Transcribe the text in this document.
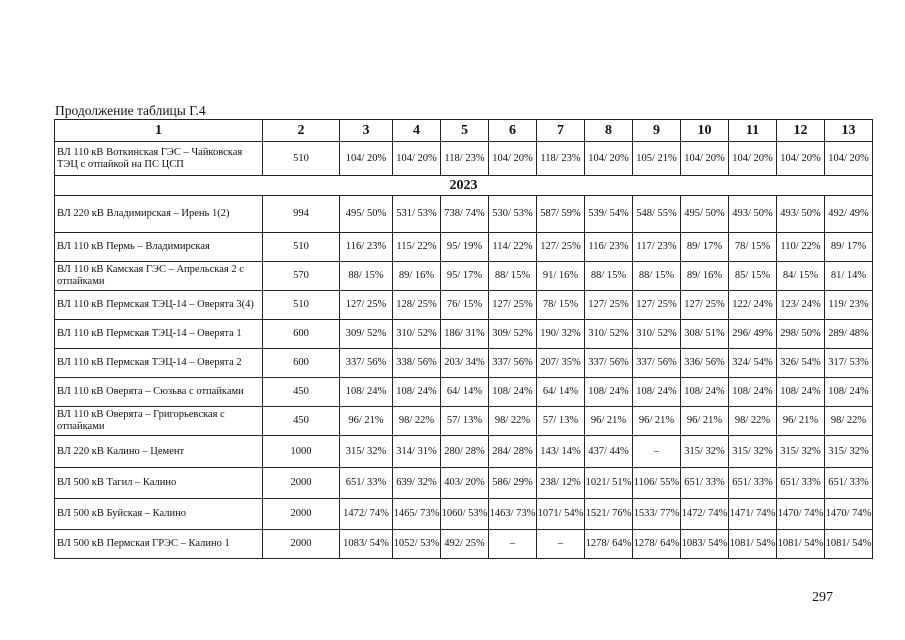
Продолжение таблицы Г.4
1	2	3	4	5	6	7	8	9	10	11	12	13
ВЛ 110 кВ Воткинская ГЭС – Чайковская ТЭЦ с отпайкой на ПС ЦСП	510	104/ 20%	104/ 20%	118/ 23%	104/ 20%	118/ 23%	104/ 20%	105/ 21%	104/ 20%	104/ 20%	104/ 20%	104/ 20%
2023												
ВЛ 220 кВ Владимирская – Ирень 1(2)	994	495/ 50%	531/ 53%	738/ 74%	530/ 53%	587/ 59%	539/ 54%	548/ 55%	495/ 50%	493/ 50%	493/ 50%	492/ 49%
ВЛ 110 кВ Пермь – Владимирская	510	116/ 23%	115/ 22%	95/ 19%	114/ 22%	127/ 25%	116/ 23%	117/ 23%	89/ 17%	78/ 15%	110/ 22%	89/ 17%
ВЛ 110 кВ Камская ГЭС – Апрельская 2 с отпайками	570	88/ 15%	89/ 16%	95/ 17%	88/ 15%	91/ 16%	88/ 15%	88/ 15%	89/ 16%	85/ 15%	84/ 15%	81/ 14%
ВЛ 110 кВ Пермская ТЭЦ-14 – Оверята 3(4)	510	127/ 25%	128/ 25%	76/ 15%	127/ 25%	78/ 15%	127/ 25%	127/ 25%	127/ 25%	122/ 24%	123/ 24%	119/ 23%
ВЛ 110 кВ Пермская ТЭЦ-14 – Оверята 1	600	309/ 52%	310/ 52%	186/ 31%	309/ 52%	190/ 32%	310/ 52%	310/ 52%	308/ 51%	296/ 49%	298/ 50%	289/ 48%
ВЛ 110 кВ Пермская ТЭЦ-14 – Оверята 2	600	337/ 56%	338/ 56%	203/ 34%	337/ 56%	207/ 35%	337/ 56%	337/ 56%	336/ 56%	324/ 54%	326/ 54%	317/ 53%
ВЛ 110 кВ Оверята – Сюзьва с отпайками	450	108/ 24%	108/ 24%	64/ 14%	108/ 24%	64/ 14%	108/ 24%	108/ 24%	108/ 24%	108/ 24%	108/ 24%	108/ 24%
ВЛ 110 кВ Оверята – Григорьевская с отпайками	450	96/ 21%	98/ 22%	57/ 13%	98/ 22%	57/ 13%	96/ 21%	96/ 21%	96/ 21%	98/ 22%	96/ 21%	98/ 22%
ВЛ 220 кВ Калино – Цемент	1000	315/ 32%	314/ 31%	280/ 28%	284/ 28%	143/ 14%	437/ 44%	–	315/ 32%	315/ 32%	315/ 32%	315/ 32%
ВЛ 500 кВ Тагил – Калино	2000	651/ 33%	639/ 32%	403/ 20%	586/ 29%	238/ 12%	1021/ 51%	1106/ 55%	651/ 33%	651/ 33%	651/ 33%	651/ 33%
ВЛ 500 кВ Буйская – Калино	2000	1472/ 74%	1465/ 73%	1060/ 53%	1463/ 73%	1071/ 54%	1521/ 76%	1533/ 77%	1472/ 74%	1471/ 74%	1470/ 74%	1470/ 74%
ВЛ 500 кВ Пермская ГРЭС – Калино 1	2000	1083/ 54%	1052/ 53%	492/ 25%	–	–	1278/ 64%	1278/ 64%	1083/ 54%	1081/ 54%	1081/ 54%	1081/ 54%
297
